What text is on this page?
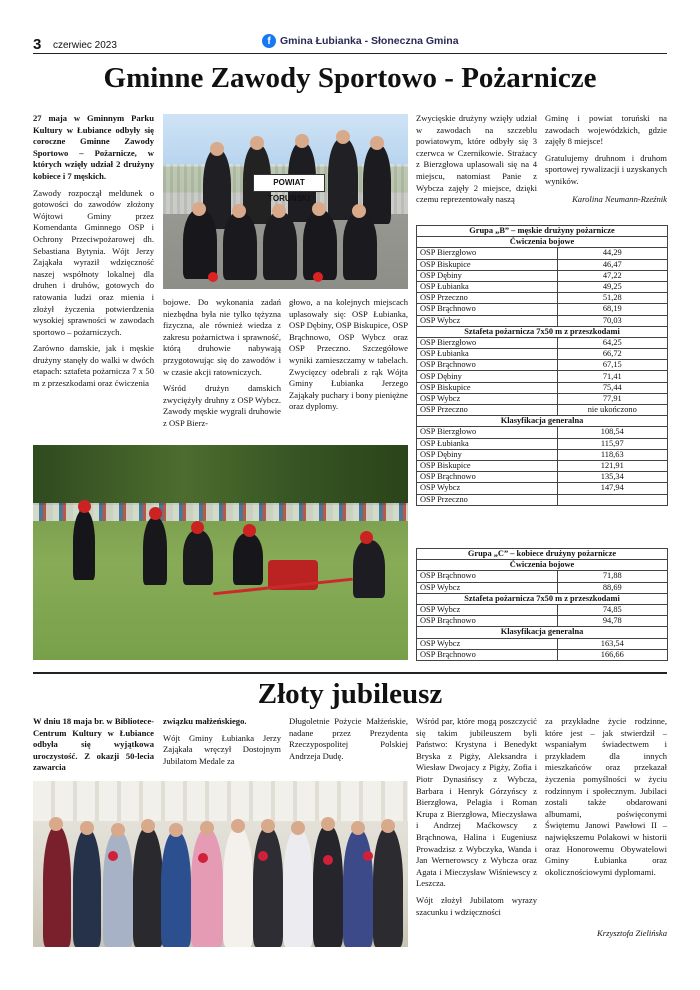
3 czerwiec 2023	f Gmina Łubianka - Słoneczna Gmina
Gminne Zawody Sportowo - Pożarnicze

27 maja w Gminnym Parku Kultury w Łubiance odbyły się coroczne Gminne Zawody Sportowo – Pożarnicze, w których wzięły udział 2 drużyny kobiece i 7 męskich.

Zawody rozpoczął meldunek o gotowości do zawodów złożony Wójtowi Gminy przez Komendanta Gminnego OSP i Ochrony Przeciwpożarowej dh. Sebastiana Bytynia. Wójt Jerzy Zająkała wyraził wdzięczność naszej współnoty lokalnej dla druhen i druhów, gotowych do ratowania ludzi oraz mienia i złożył życzenia potwierdzenia wysokiej sprawności w zawodach sportowo – pożarniczych.

Zarówno damskie, jak i męskie drużyny stanęły do walki w dwóch etapach: sztafeta pożarnicza 7 x 50 m z przeszkodami oraz ćwiczenia

POWIAT TORUŃSKI

bojowe. Do wykonania zadań niezbędna była nie tylko tężyzna fizyczna, ale również wiedza z zakresu pożarnictwa i sprawność, którą druhowie nabywają przygotowując się do zawodów i w czasie akcji ratowniczych.

Wśród drużyn damskich zwyciężyły druhny z OSP Wybcz. Zawody męskie wygrali druhowie z OSP Bierz-

głowo, a na kolejnych miejscach uplasowały się: OSP Łubianka, OSP Dębiny, OSP Biskupice, OSP Brąchnowo, OSP Wybcz oraz OSP Przeczno. Szczegółowe wyniki zamieszczamy w tabelach. Zwycięzcy odebrali z rąk Wójta Gminy Łubianka Jerzego Zająkały puchary i bony pieniężne oraz dyplomy.

Zwycięskie drużyny wzięły udział w zawodach na szczeblu powiatowym, które odbyły się 3 czerwca w Czernikowie. Strażacy z Bierzgłowa uplasowali się na 4 miejscu, natomiast Panie z Wybcza zajęły 2 miejsce, dzięki czemu reprezentowały naszą

Gminę i powiat toruński na zawodach wojewódzkich, gdzie zajęły 8 miejsce!

Gratulujemy druhnom i druhom sportowej rywalizacji i uzyskanych wyników.

Karolina Neumann-Rzeźnik
Grupa „B” – męskie drużyny pożarnicze	
Ćwiczenia bojowe	
OSP Bierzgłowo	44,29
OSP Biskupice	46,47
OSP Dębiny	47,22
OSP Łubianka	49,25
OSP Przeczno	51,28
OSP Brąchnowo	68,19
OSP Wybcz	70,03
Sztafeta pożarnicza 7x50 m z przeszkodami	
OSP Bierzgłowo	64,25
OSP Łubianka	66,72
OSP Brąchnowo	67,15
OSP Dębiny	71,41
OSP Biskupice	75,44
OSP Wybcz	77,91
OSP Przeczno	nie ukończono
Klasyfikacja generalna	
OSP Bierzgłowo	108,54
OSP Łubianka	115,97
OSP Dębiny	118,63
OSP Biskupice	121,91
OSP Brąchnowo	135,34
OSP Wybcz	147,94
OSP Przeczno	
Grupa „C” – kobiece drużyny pożarnicze	
Ćwiczenia bojowe	
OSP Brąchnowo	71,88
OSP Wybcz	88,69
Sztafeta pożarnicza 7x50 m z przeszkodami	
OSP Wybcz	74,85
OSP Brąchnowo	94,78
Klasyfikacja generalna	
OSP Wybcz	163,54
OSP Brąchnowo	166,66
Złoty jubileusz

W dniu 18 maja br. w Bibliotece-Centrum Kultury w Łubiance odbyła się wyjątkowa uroczystość. Z okazji 50-lecia zawarcia

związku małżeńskiego.

Wójt Gminy Łubianka Jerzy Zająkała wręczył Dostojnym Jubilatom Medale za

Długoletnie Pożycie Małżeńskie, nadane przez Prezydenta Rzeczypospolitej Polskiej Andrzeja Dudę.

Wśród par, które mogą poszczycić się takim jubileuszem byli Państwo: Krystyna i Benedykt Bryska z Pigży, Aleksandra i Wiesław Dwojacy z Pigży, Zofia i Piotr Dynasińscy z Wybcza, Barbara i Henryk Górzyńscy z Bierzgłowa, Pelagia i Roman Krupa z Bierzgłowa, Mieczysława i Andrzej Maćkowscy z Brąchnowa, Halina i Eugeniusz Prowadzisz z Wybczyka, Wanda i Jan Wernerowscy z Wybcza oraz Agata i Mieczysław Wiśniewscy z Leszcza.

Wójt złożył Jubilatom wyrazy szacunku i wdzięczności

za przykładne życie rodzinne, które jest – jak stwierdził – wspaniałym świadectwem i przykładem dla innych mieszkańców oraz przekazał życzenia pomyślności w życiu rodzinnym i społecznym. Jubilaci zostali także obdarowani albumami, poświęconymi Świętemu Janowi Pawłowi II – największemu Polakowi w historii oraz Honorowemu Obywatelowi Gminy Łubianka oraz okolicznościowymi dyplomami.

Krzysztofa Zielińska
